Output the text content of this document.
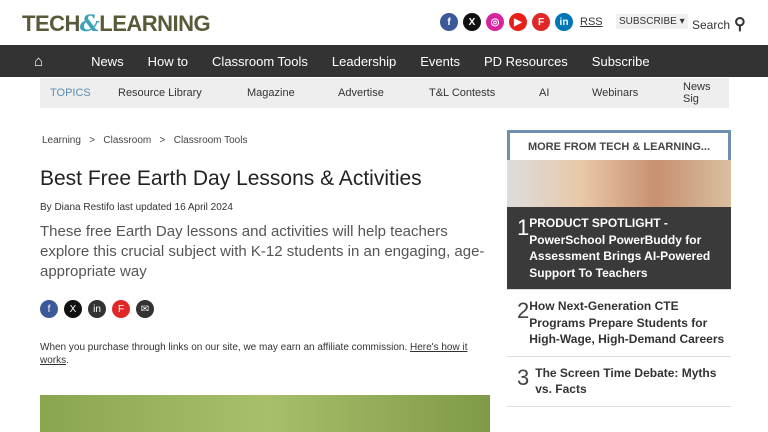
TECH&LEARNING	f	X	◎	▶	F	in	RSS	SUBSCRIBE ▾ Search ⚲
⌂	News How to Classroom Tools Leadership Events PD Resources Subscribe
TOPICS Resource Library	Magazine	Advertise	T&L Contests	AI	Webinars	News Sig
Learning   >   Classroom   >   Classroom Tools
Best Free Earth Day Lessons & Activities
By Diana Restifo last updated 16 April 2024
These free Earth Day lessons and activities will help teachers explore this crucial subject with K-12 students in an engaging, age-appropriate way
f	X	in	F	✉
When you purchase through links on our site, we may earn an affiliate commission. Here's how it works.
MORE FROM TECH & LEARNING...
1 PRODUCT SPOTLIGHT - PowerSchool PowerBuddy for Assessment Brings AI-Powered Support To Teachers
2 How Next-Generation CTE Programs Prepare Students for High-Wage, High-Demand Careers
3 The Screen Time Debate: Myths vs. Facts
